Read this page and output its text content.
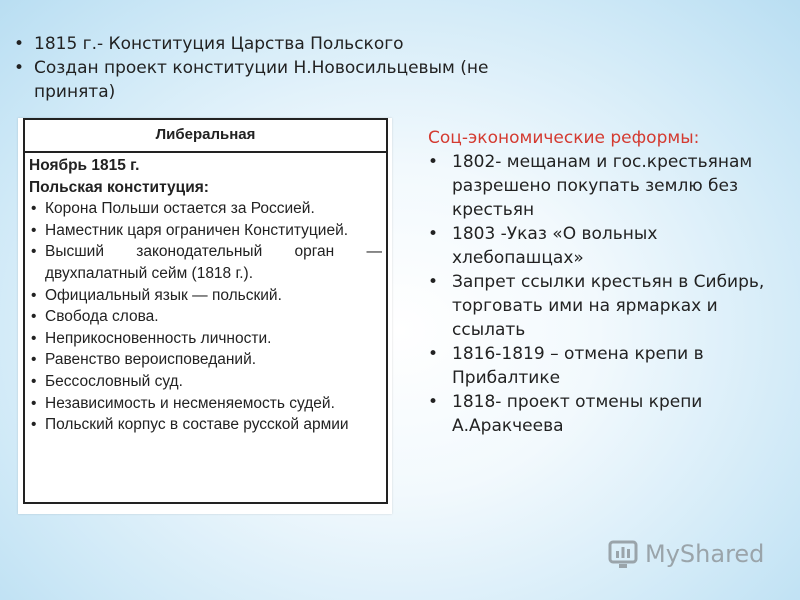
• 1815 г.- Конституция Царства Польского
• Создан проект конституции Н.Новосильцевым (не принята)
Либеральная
Ноябрь 1815 г.
Польская конституция:
• Корона Польши остается за Россией.
• Наместник царя ограничен Конституцией.
• Высший законодательный орган — двухпалатный сейм (1818 г.).
• Официальный язык — польский.
• Свобода слова.
• Неприкосновенность личности.
• Равенство вероисповеданий.
• Бессословный суд.
• Независимость и несменяемость судей.
• Польский корпус в составе русской армии
Соц-экономические реформы:
• 1802- мещанам и гос.крестьянам разрешено покупать землю без крестьян
• 1803 -Указ «О вольных хлебопашцах»
• Запрет ссылки крестьян в Сибирь, торговать ими на ярмарках и ссылать
• 1816-1819 – отмена крепи в Прибалтике
• 1818- проект отмены крепи А.Аракчеева
MyShared
